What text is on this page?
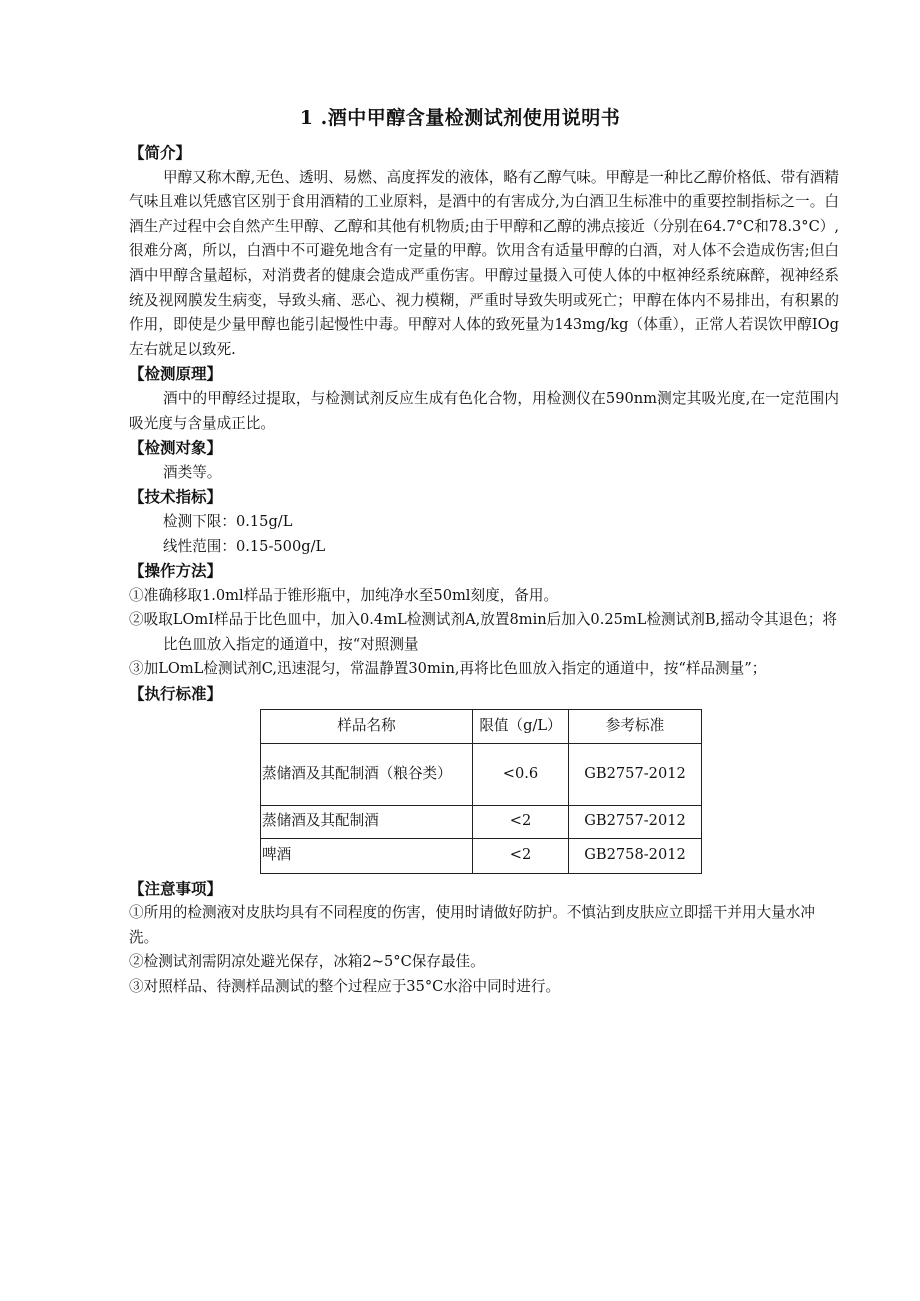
1 .酒中甲醇含量检测试剂使用说明书

【简介】

甲醇又称木醇,无色、透明、易燃、高度挥发的液体，略有乙醇气味。甲醇是一种比乙醇价格低、带有酒精气味且难以凭感官区别于食用酒精的工业原料，是酒中的有害成分,为白酒卫生标准中的重要控制指标之一。白酒生产过程中会自然产生甲醇、乙醇和其他有机物质;由于甲醇和乙醇的沸点接近（分别在64.7°C和78.3°C）,很难分离，所以，白酒中不可避免地含有一定量的甲醇。饮用含有适量甲醇的白酒，对人体不会造成伤害;但白酒中甲醇含量超标，对消费者的健康会造成严重伤害。甲醇过量摄入可使人体的中枢神经系统麻醉，视神经系统及视网膜发生病变，导致头痛、恶心、视力模糊，严重时导致失明或死亡；甲醇在体内不易排出，有积累的作用，即使是少量甲醇也能引起慢性中毒。甲醇对人体的致死量为143mg/kg（体重），正常人若误饮甲醇IOg左右就足以致死.

【检测原理】

酒中的甲醇经过提取，与检测试剂反应生成有色化合物，用检测仪在590nm测定其吸光度,在一定范围内吸光度与含量成正比。

【检测对象】

酒类等。

【技术指标】

检测下限：0.15g/L

线性范围：0.15-500g/L

【操作方法】

①准确移取1.0ml样品于锥形瓶中，加纯净水至50ml刻度，备用。

②吸取LOmI样品于比色皿中，加入0.4mL检测试剂A,放置8min后加入0.25mL检测试剂B,摇动令其退色；将比色皿放入指定的通道中，按“对照测量

③加LOmL检测试剂C,迅速混匀，常温静置30min,再将比色皿放入指定的通道中，按“样品测量”；

【执行标准】

样品名称	限值（g/L）	参考标准
蒸储酒及其配制酒（粮谷类）	<0.6	GB2757-2012
蒸储酒及其配制酒	<2	GB2757-2012
啤酒	<2	GB2758-2012

【注意事项】

①所用的检测液对皮肤均具有不同程度的伤害，使用时请做好防护。不慎沾到皮肤应立即揺干并用大量水冲洗。

②检测试剂需阴凉处避光保存，冰箱2~5°C保存最佳。

③对照样品、待测样品测试的整个过程应于35°C水浴中同时进行。
